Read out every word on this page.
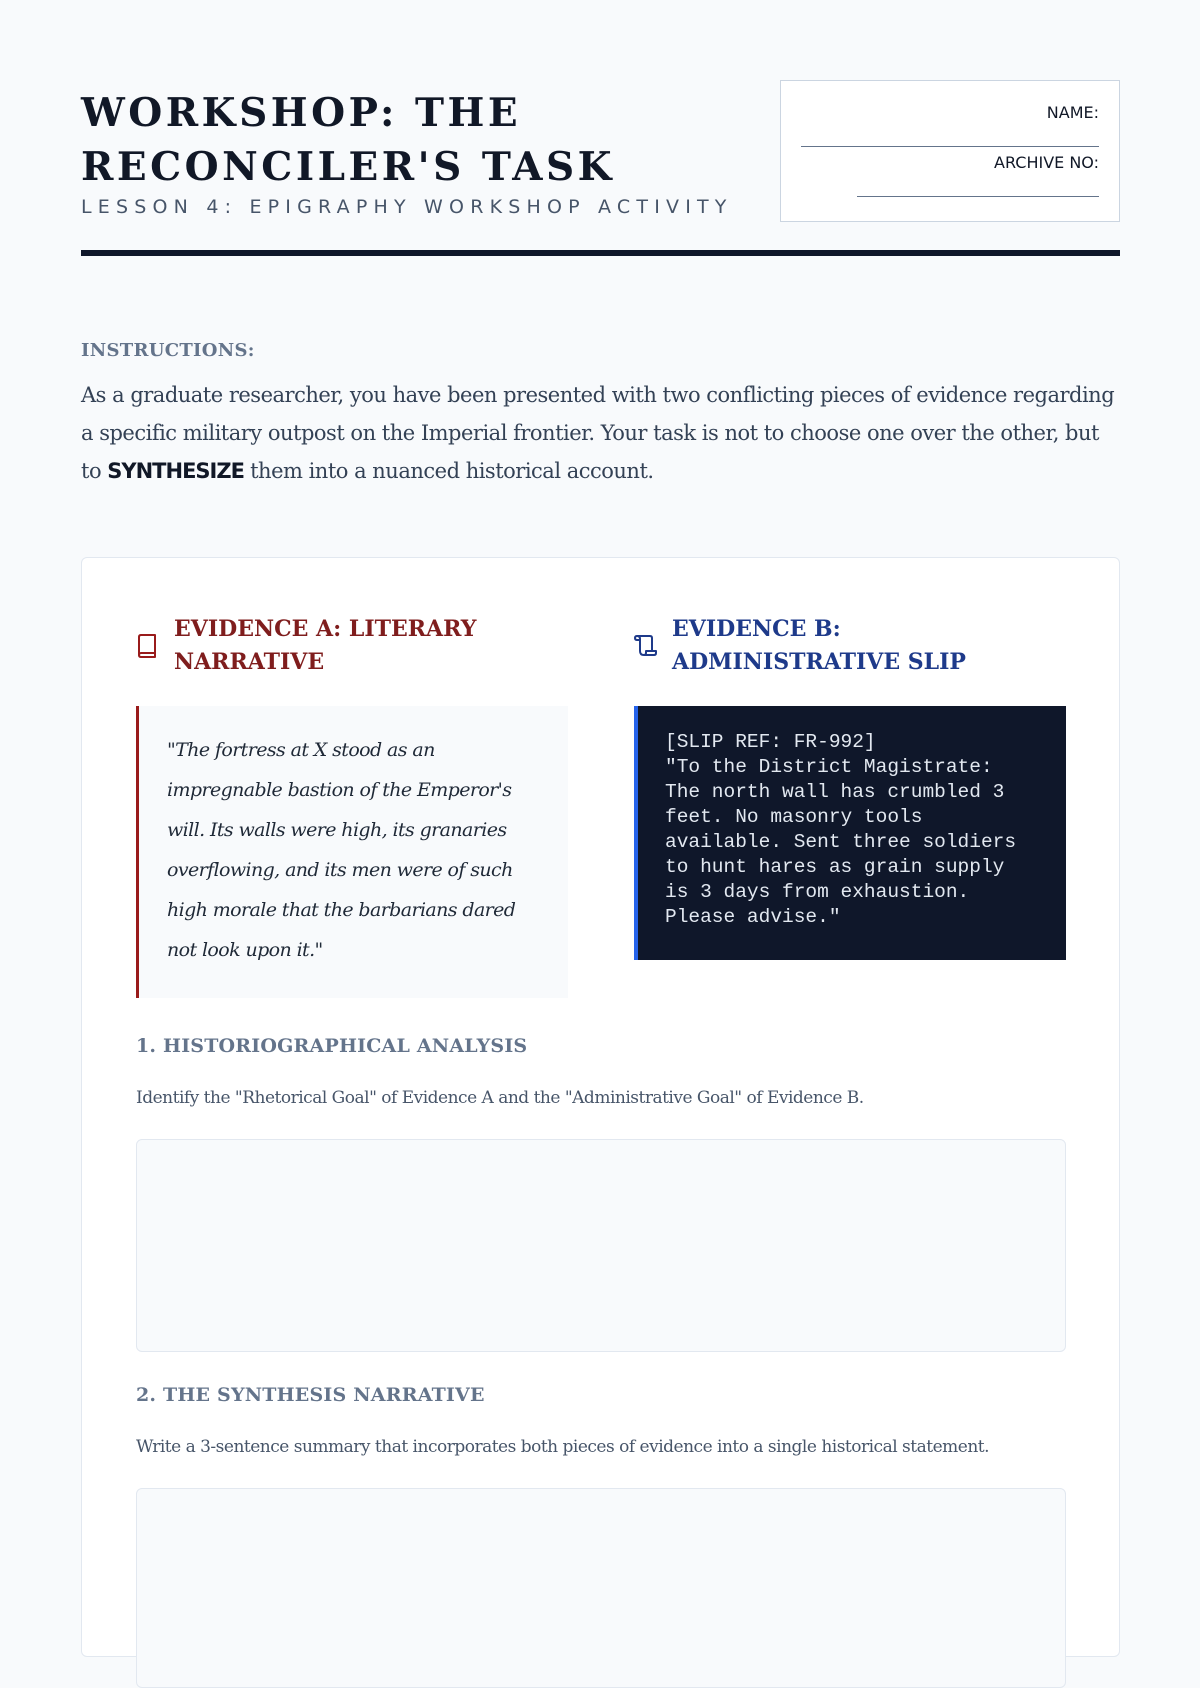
WORKSHOP: THE RECONCILER'S TASK
LESSON 4: EPIGRAPHY WORKSHOP ACTIVITY
NAME:
ARCHIVE NO:
INSTRUCTIONS:
As a graduate researcher, you have been presented with two conflicting pieces of evidence regarding a specific military outpost on the Imperial frontier. Your task is not to choose one over the other, but to SYNTHESIZE them into a nuanced historical account.
EVIDENCE A: LITERARY NARRATIVE
EVIDENCE B: ADMINISTRATIVE SLIP
"The fortress at X stood as an impregnable bastion of the Emperor's will. Its walls were high, its granaries overflowing, and its men were of such high morale that the barbarians dared not look upon it."
[SLIP REF: FR-992]
"To the District Magistrate:
The north wall has crumbled 3
feet. No masonry tools
available. Sent three soldiers
to hunt hares as grain supply
is 3 days from exhaustion.
Please advise."
1. HISTORIOGRAPHICAL ANALYSIS
Identify the "Rhetorical Goal" of Evidence A and the "Administrative Goal" of Evidence B.
2. THE SYNTHESIS NARRATIVE
Write a 3-sentence summary that incorporates both pieces of evidence into a single historical statement.
